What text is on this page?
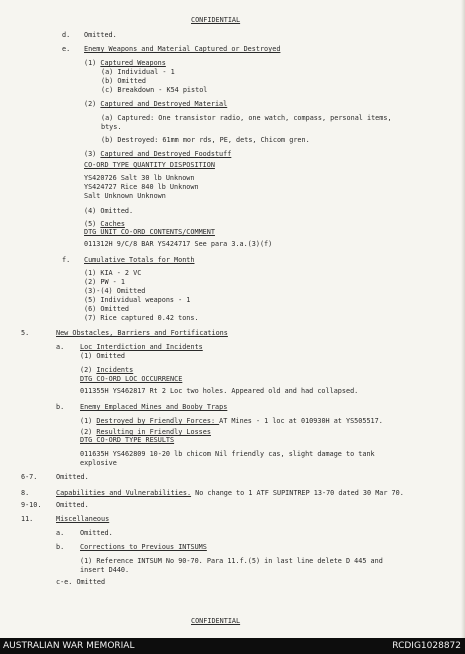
CONFIDENTIAL
d. Omitted.
e. Enemy Weapons and Material Captured or Destroyed
(1) Captured Weapons
(a) Individual - 1
(b) Omitted
(c) Breakdown - K54 pistol
(2) Captured and Destroyed Material
(a) Captured: One transistor radio, one watch, compass, personal items,
btys.
(b) Destroyed: 61mm mor rds, PE, dets, Chicom gren.
(3) Captured and Destroyed Foodstuff
CO-ORD TYPE QUANTITY DISPOSITION
YS420726 Salt 30 lb Unknown
YS424727 Rice 840 lb Unknown
Salt Unknown Unknown
(4) Omitted.
(5) Caches
DTG UNIT CO-ORD CONTENTS/COMMENT
011312H 9/C/8 BAR YS424717 See para 3.a.(3)(f)
f. Cumulative Totals for Month
(1) KIA - 2 VC
(2) PW - 1
(3)-(4) Omitted
(5) Individual weapons - 1
(6) Omitted
(7) Rice captured 0.42 tons.
5.	New Obstacles, Barriers and Fortifications
a. Loc Interdiction and Incidents
(1) Omitted
(2) Incidents
DTG CO-ORD LOC OCCURRENCE
011355H YS462817 Rt 2 Loc two holes. Appeared old and had collapsed.
b. Enemy Emplaced Mines and Booby Traps
(1) Destroyed by Friendly Forces: AT Mines - 1 loc at 010930H at YS505517.
(2) Resulting in Friendly Losses
DTG CO-ORD TYPE RESULTS
011635H YS462809 10-20 lb chicom Nil friendly cas, slight damage to tank
explosive
6-7.	Omitted.
8.	Capabilities and Vulnerabilities. No change to 1 ATF SUPINTREP 13-70 dated 30 Mar 70.
9-10. Omitted.
11.	Miscellaneous
a. Omitted.
b. Corrections to Previous INTSUMS
(1) Reference INTSUM No 90-70. Para 11.f.(5) in last line delete D 445 and
insert D440.
c-e. Omitted
CONFIDENTIAL
AUSTRALIAN WAR MEMORIAL	RCDIG1028872
